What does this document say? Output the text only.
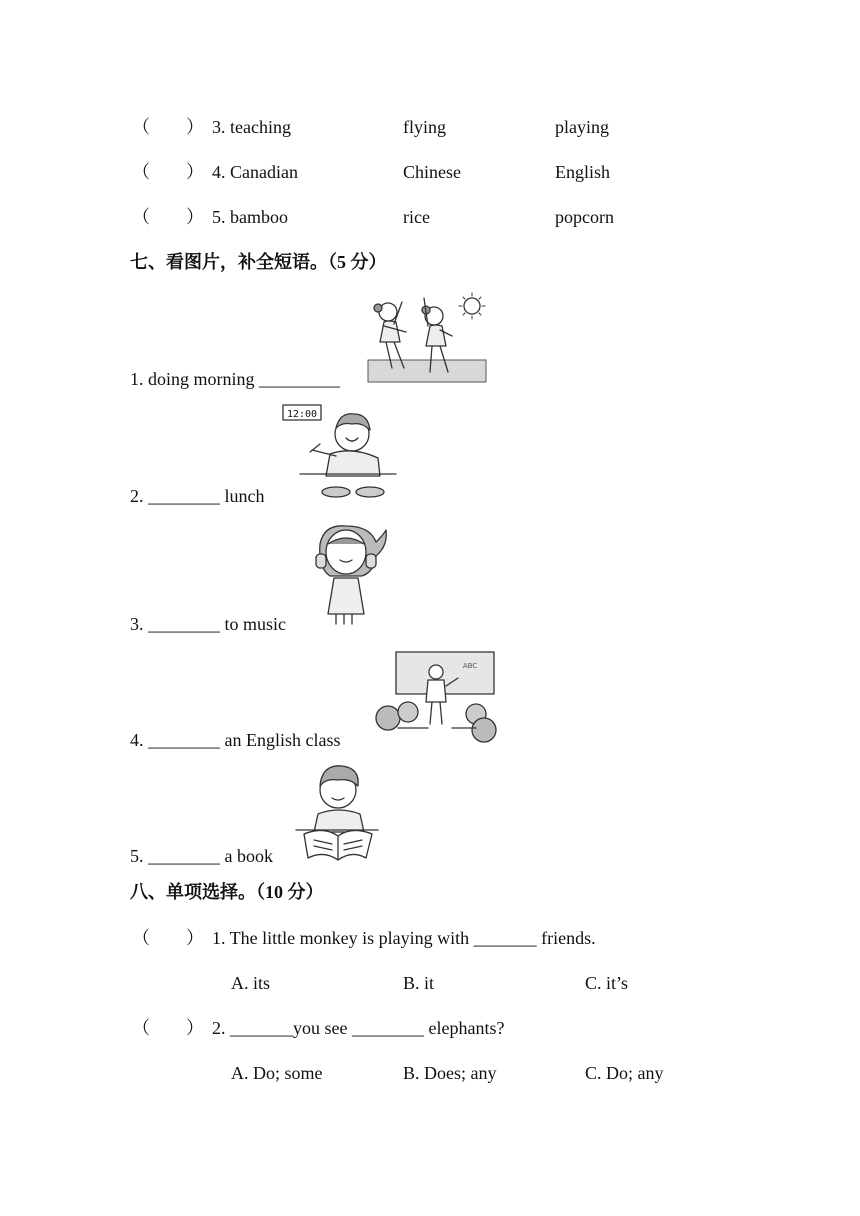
（　　） 3. teaching	flying	playing
（　　） 4. Canadian	Chinese	English
（　　） 5. bamboo	rice	popcorn
七、看图片，补全短语。（5 分）
1. doing morning _________
12:00
2. ________ lunch
3. ________ to music
ABC
4. ________ an English class
5. ________ a book
八、单项选择。（10 分）
（　　） 1. The little monkey is playing with _______ friends.
A. its	B. it	C. it’s
（　　） 2. _______you see ________ elephants?
A. Do; some	B. Does; any	C. Do; any
